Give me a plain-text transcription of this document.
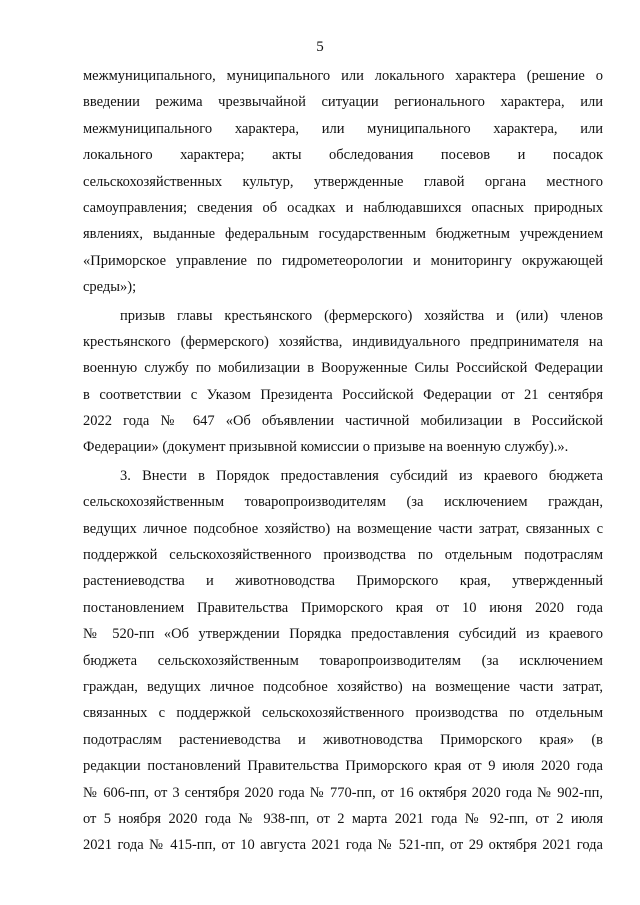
5
межмуниципального, муниципального или локального характера (решение о
введении режима чрезвычайной ситуации регионального характера, или
межмуниципального характера, или муниципального характера, или
локального характера; акты обследования посевов и посадок
сельскохозяйственных культур, утвержденные главой органа местного
самоуправления; сведения об осадках и наблюдавшихся опасных природных
явлениях, выданные федеральным государственным бюджетным учреждением
«Приморское управление по гидрометеорологии и мониторингу окружающей
среды»);
призыв главы крестьянского (фермерского) хозяйства и (или) членов
крестьянского (фермерского) хозяйства, индивидуального предпринимателя на
военную службу по мобилизации в Вооруженные Силы Российской Федерации
в соответствии с Указом Президента Российской Федерации от 21 сентября
2022 года № 647 «Об объявлении частичной мобилизации в Российской
Федерации» (документ призывной комиссии о призыве на военную службу).».
3. Внести в Порядок предоставления субсидий из краевого бюджета
сельскохозяйственным товаропроизводителям (за исключением граждан,
ведущих личное подсобное хозяйство) на возмещение части затрат, связанных с
поддержкой сельскохозяйственного производства по отдельным подотраслям
растениеводства и животноводства Приморского края, утвержденный
постановлением Правительства Приморского края от 10 июня 2020 года
№ 520-пп «Об утверждении Порядка предоставления субсидий из краевого
бюджета сельскохозяйственным товаропроизводителям (за исключением
граждан, ведущих личное подсобное хозяйство) на возмещение части затрат,
связанных с поддержкой сельскохозяйственного производства по отдельным
подотраслям растениеводства и животноводства Приморского края» (в
редакции постановлений Правительства Приморского края от 9 июля 2020 года
№ 606-пп, от 3 сентября 2020 года № 770-пп, от 16 октября 2020 года № 902-пп,
от 5 ноября 2020 года № 938-пп, от 2 марта 2021 года № 92-пп, от 2 июля
2021 года № 415-пп, от 10 августа 2021 года № 521-пп, от 29 октября 2021 года
